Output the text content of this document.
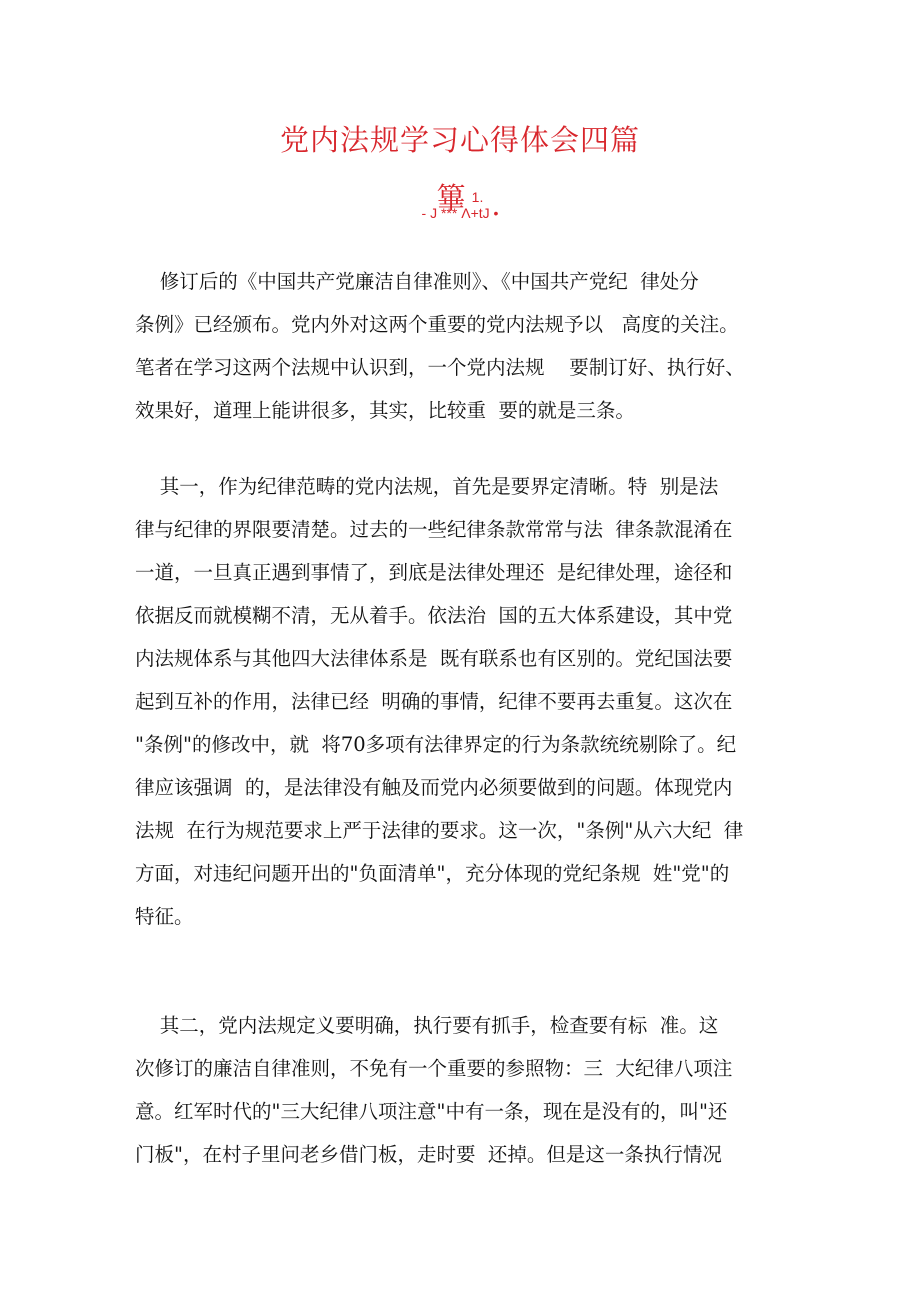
党内法规学习心得体会四篇
篳 1.
- J *** Λ+tJ •
修订后的《中国共产党廉洁自律准则》、《中国共产党纪  律处分
条例》已经颁布。党内外对这两个重要的党内法规予以   高度的关注。
笔者在学习这两个法规中认识到，一个党内法规    要制订好、执行好、
效果好，道理上能讲很多，其实，比较重  要的就是三条。
其一，作为纪律范畴的党内法规，首先是要界定清晰。特  别是法
律与纪律的界限要清楚。过去的一些纪律条款常常与法  律条款混淆在
一道，一旦真正遇到事情了，到底是法律处理还  是纪律处理，途径和
依据反而就模糊不清，无从着手。依法治  国的五大体系建设，其中党
内法规体系与其他四大法律体系是  既有联系也有区别的。党纪国法要
起到互补的作用，法律已经  明确的事情，纪律不要再去重复。这次在
"条例"的修改中，就  将70多项有法律界定的行为条款统统剔除了。纪
律应该强调  的，是法律没有触及而党内必须要做到的问题。体现党内
法规  在行为规范要求上严于法律的要求。这一次，"条例"从六大纪  律
方面，对违纪问题开出的"负面清单"，充分体现的党纪条规  姓"党"的
特征。
其二，党内法规定义要明确，执行要有抓手，检查要有标  准。这
次修订的廉洁自律准则，不免有一个重要的参照物：三  大纪律八项注
意。红军时代的"三大纪律八项注意"中有一条，现在是没有的，叫"还
门板"，在村子里问老乡借门板，走时要  还掉。但是这一条执行情况
